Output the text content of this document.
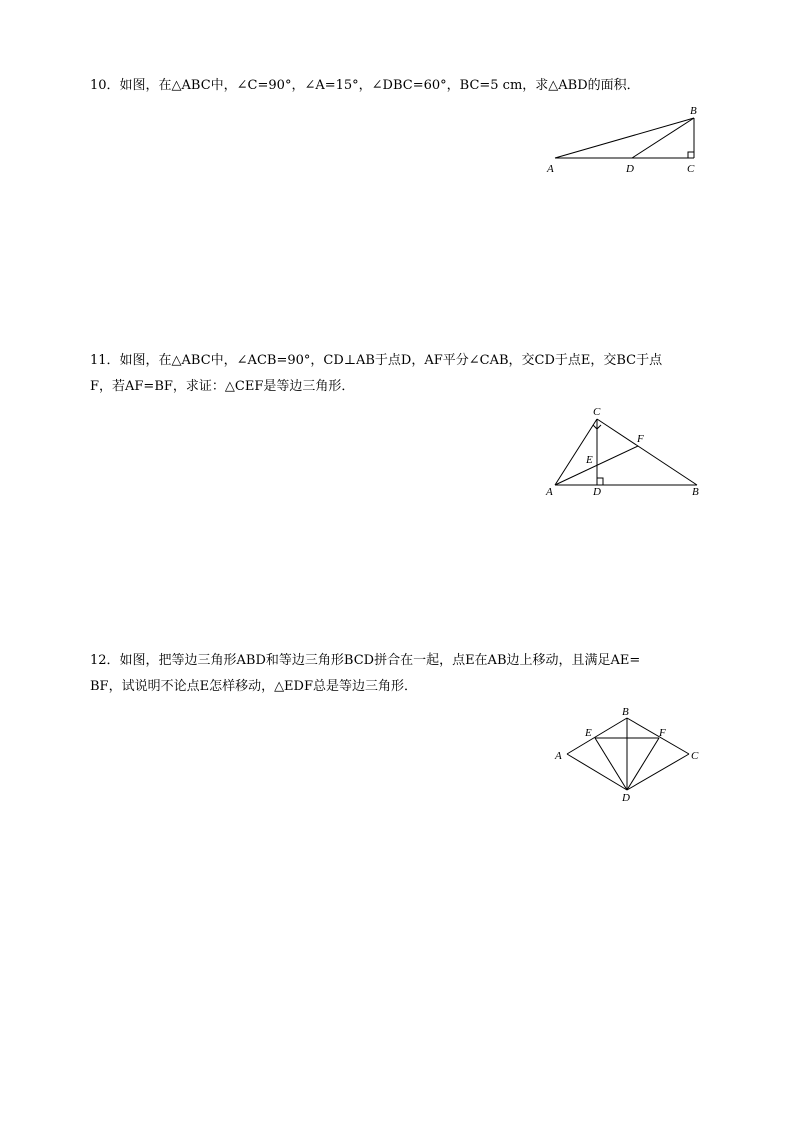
10．如图，在△ABC中，∠C=90°，∠A=15°，∠DBC=60°，BC=5 cm，求△ABD的面积．

B
A	D	C

11．如图，在△ABC中，∠ACB=90°，CD⊥AB于点D，AF平分∠CAB，交CD于点E，交BC于点

F，若AF=BF，求证：△CEF是等边三角形．

C
F
E
A	D	B

12．如图，把等边三角形ABD和等边三角形BCD拼合在一起，点E在AB边上移动，且满足AE=

BF，试说明不论点E怎样移动，△EDF总是等边三角形．

B
E	F
A	C
D
